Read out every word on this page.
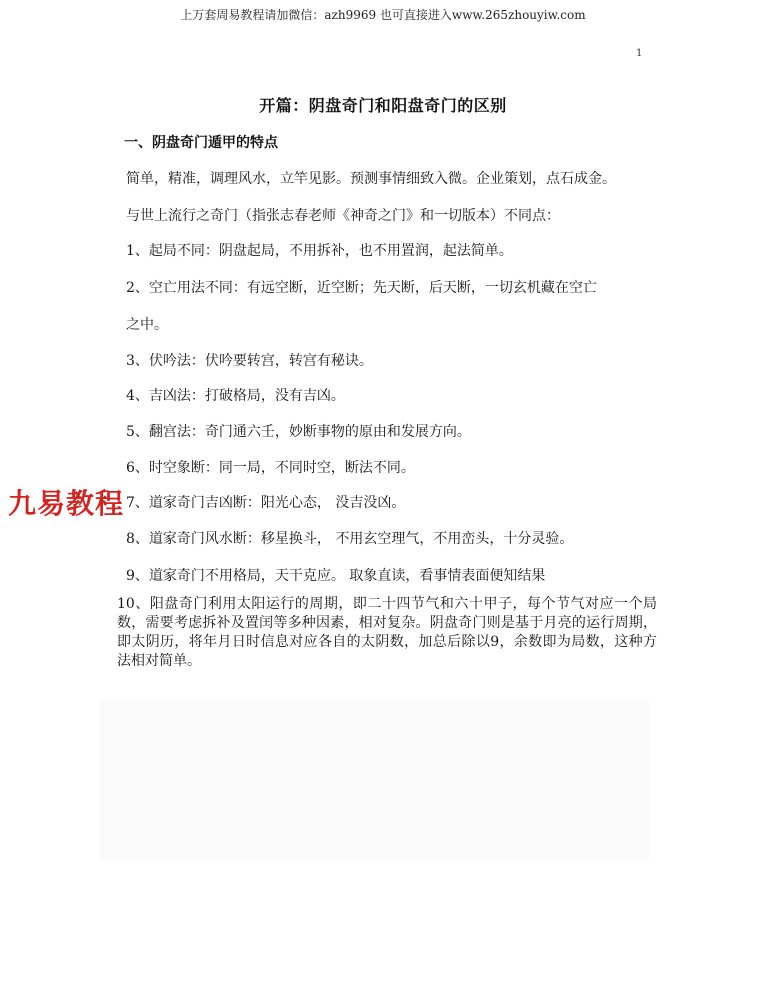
上万套周易教程请加微信：azh9969 也可直接进入www.265zhouyiw.com
1
开篇：阴盘奇门和阳盘奇门的区别
一、阴盘奇门遁甲的特点
简单，精准，调理风水，立竿见影。预测事情细致入微。企业策划，点石成金。
与世上流行之奇门（指张志春老师《神奇之门》和一切版本）不同点：
1、起局不同：阴盘起局，不用拆补，也不用置润，起法简单。
2、空亡用法不同：有远空断，近空断；先天断，后天断，一切玄机藏在空亡
之中。
3、伏吟法：伏吟要转宫，转宫有秘诀。
4、吉凶法：打破格局，没有吉凶。
5、翻宫法：奇门通六壬，妙断事物的原由和发展方向。
6、时空象断：同一局，不同时空，断法不同。
7、道家奇门吉凶断：阳光心态， 没吉没凶。
8、道家奇门风水断：移星换斗， 不用玄空理气，不用峦头，十分灵验。
9、道家奇门不用格局，天干克应。 取象直读，看事情表面便知结果
10、阳盘奇门利用太阳运行的周期，即二十四节气和六十甲子，每个节气对应一个局数，需要考虑拆补及置闰等多种因素，相对复杂。阴盘奇门则是基于月亮的运行周期，即太阴历，将年月日时信息对应各自的太阴数，加总后除以9，余数即为局数，这种方法相对简单。
九易教程
